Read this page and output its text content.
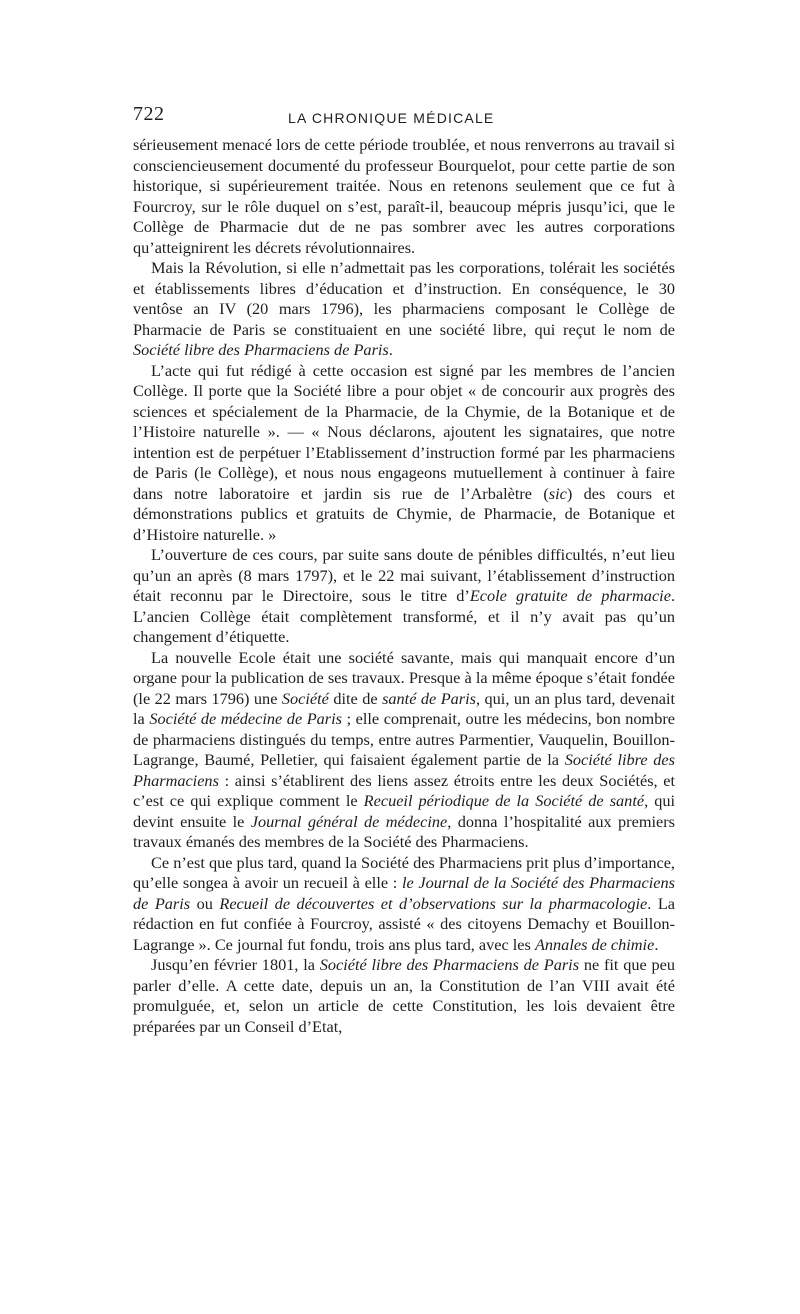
722	LA CHRONIQUE MÉDICALE

sérieusement menacé lors de cette période troublée, et nous renverrons au travail si consciencieusement documenté du professeur Bourquelot, pour cette partie de son historique, si supérieurement traitée. Nous en retenons seulement que ce fut à Fourcroy, sur le rôle duquel on s’est, paraît-il, beaucoup mépris jusqu’ici, que le Collège de Pharmacie dut de ne pas sombrer avec les autres corporations qu’atteignirent les décrets révolutionnaires.

Mais la Révolution, si elle n’admettait pas les corporations, tolérait les sociétés et établissements libres d’éducation et d’instruction. En conséquence, le 30 ventôse an IV (20 mars 1796), les pharmaciens composant le Collège de Pharmacie de Paris se constituaient en une société libre, qui reçut le nom de Société libre des Pharmaciens de Paris.

L’acte qui fut rédigé à cette occasion est signé par les membres de l’ancien Collège. Il porte que la Société libre a pour objet « de concourir aux progrès des sciences et spécialement de la Pharmacie, de la Chymie, de la Botanique et de l’Histoire naturelle ». — « Nous déclarons, ajoutent les signataires, que notre intention est de perpétuer l’Etablissement d’instruction formé par les pharmaciens de Paris (le Collège), et nous nous engageons mutuellement à continuer à faire dans notre laboratoire et jardin sis rue de l’Arbalètre (sic) des cours et démonstrations publics et gratuits de Chymie, de Pharmacie, de Botanique et d’Histoire naturelle. »

L’ouverture de ces cours, par suite sans doute de pénibles difficultés, n’eut lieu qu’un an après (8 mars 1797), et le 22 mai suivant, l’établissement d’instruction était reconnu par le Directoire, sous le titre d’Ecole gratuite de pharmacie. L’ancien Collège était complètement transformé, et il n’y avait pas qu’un changement d’étiquette.

La nouvelle Ecole était une société savante, mais qui manquait encore d’un organe pour la publication de ses travaux. Presque à la même époque s’était fondée (le 22 mars 1796) une Société dite de santé de Paris, qui, un an plus tard, devenait la Société de médecine de Paris ; elle comprenait, outre les médecins, bon nombre de pharmaciens distingués du temps, entre autres Parmentier, Vauquelin, Bouillon-Lagrange, Baumé, Pelletier, qui faisaient également partie de la Société libre des Pharmaciens : ainsi s’établirent des liens assez étroits entre les deux Sociétés, et c’est ce qui explique comment le Recueil périodique de la Société de santé, qui devint ensuite le Journal général de médecine, donna l’hospitalité aux premiers travaux émanés des membres de la Société des Pharmaciens.

Ce n’est que plus tard, quand la Société des Pharmaciens prit plus d’importance, qu’elle songea à avoir un recueil à elle : le Journal de la Société des Pharmaciens de Paris ou Recueil de découvertes et d’observations sur la pharmacologie. La rédaction en fut confiée à Fourcroy, assisté « des citoyens Demachy et Bouillon-Lagrange ». Ce journal fut fondu, trois ans plus tard, avec les Annales de chimie.

Jusqu’en février 1801, la Société libre des Pharmaciens de Paris ne fit que peu parler d’elle. A cette date, depuis un an, la Constitution de l’an VIII avait été promulguée, et, selon un article de cette Constitution, les lois devaient être préparées par un Conseil d’Etat,
